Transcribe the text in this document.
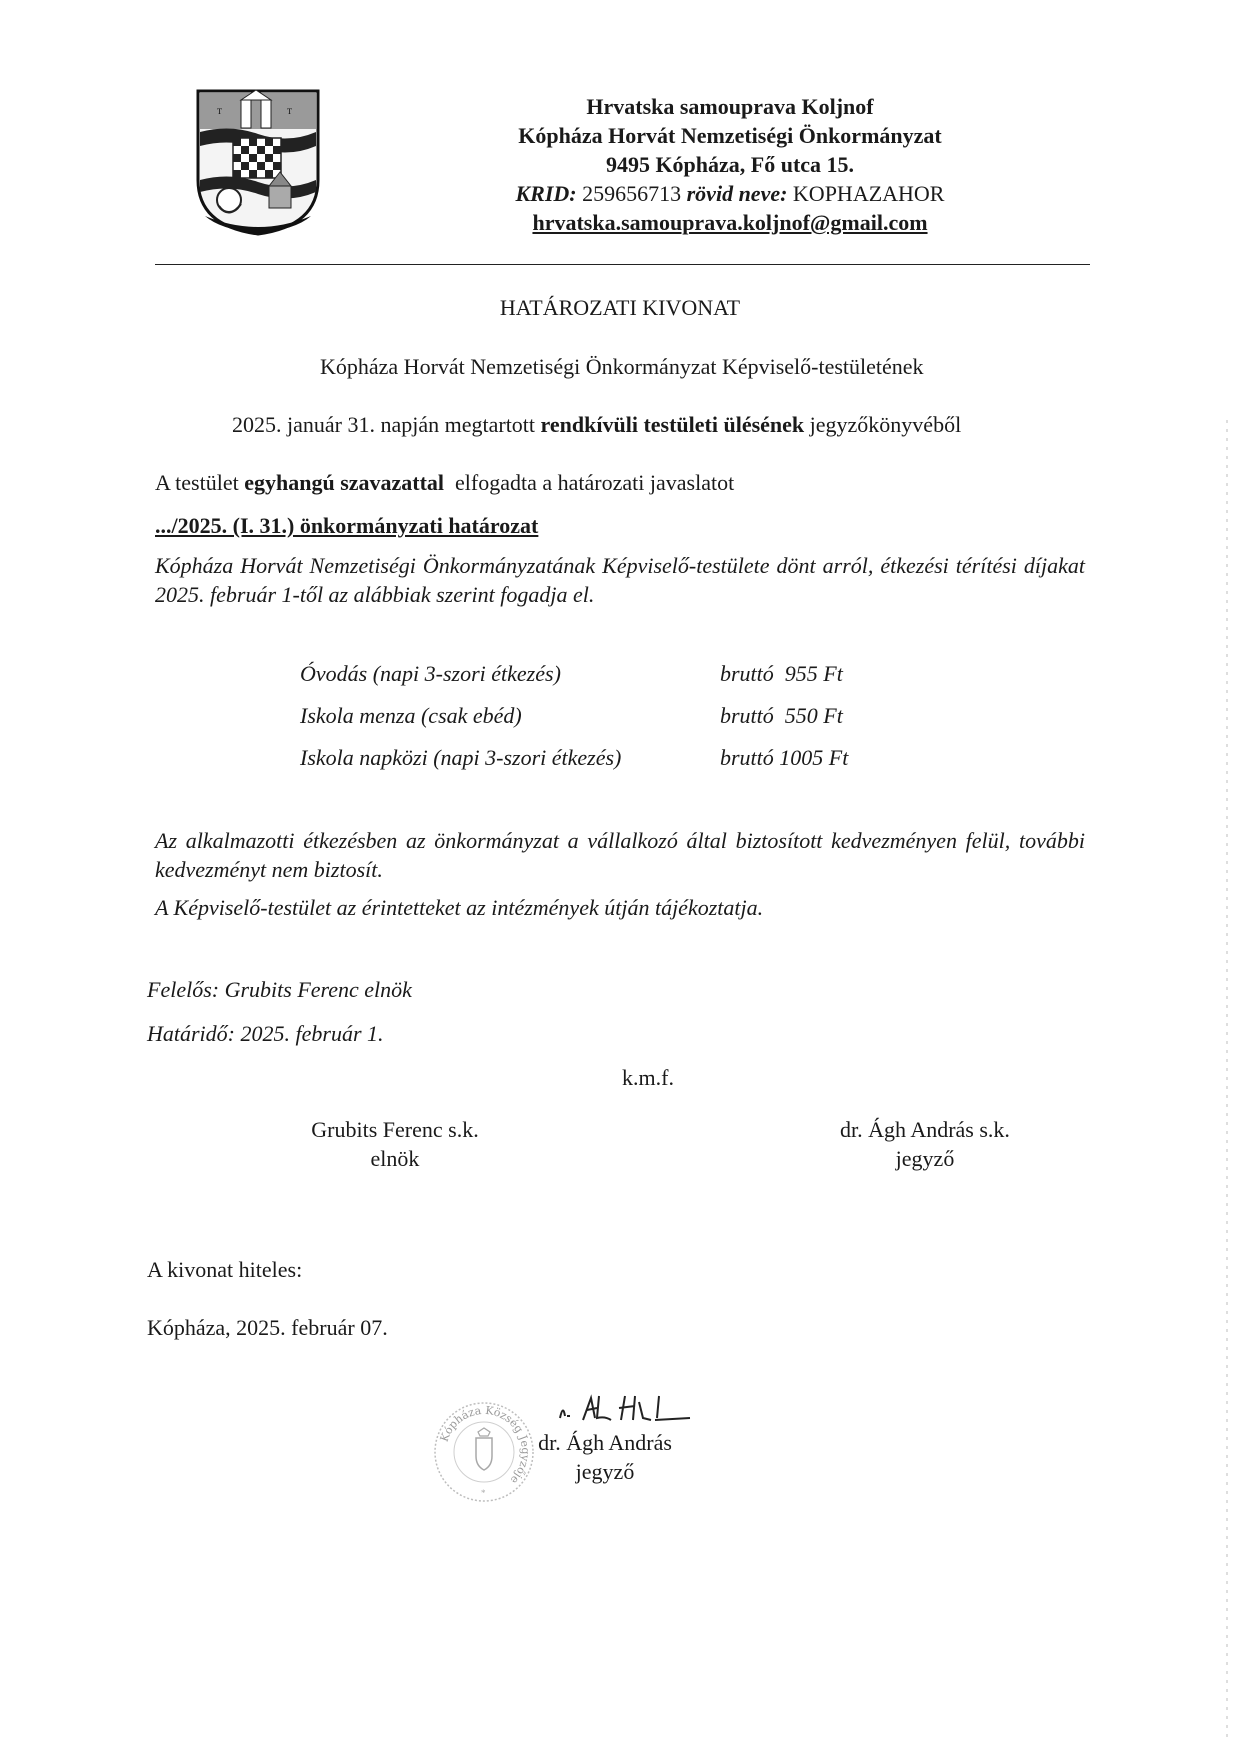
ᵀ	ᵀ	Hrvatska samouprava Koljnof
Kópháza Horvát Nemzetiségi Önkormányzat
9495 Kópháza, Fő utca 15.
KRID: 259656713 rövid neve: KOPHAZAHOR
hrvatska.samouprava.koljnof@gmail.com
HATÁROZATI KIVONAT
Kópháza Horvát Nemzetiségi Önkormányzat Képviselő-testületének
2025. január 31. napján megtartott rendkívüli testületi ülésének jegyzőkönyvéből
A testület egyhangú szavazattal  elfogadta a határozati javaslatot
.../2025. (I. 31.) önkormányzati határozat
Kópháza Horvát Nemzetiségi Önkormányzatának Képviselő-testülete dönt arról, étkezési térítési díjakat 2025. február 1-től az alábbiak szerint fogadja el.
Óvodás (napi 3-szori étkezés)	bruttó  955 Ft
Iskola menza (csak ebéd)	bruttó  550 Ft
Iskola napközi (napi 3-szori étkezés)	bruttó 1005 Ft
Az alkalmazotti étkezésben az önkormányzat a vállalkozó által biztosított kedvezményen felül, további kedvezményt nem biztosít.
A Képviselő-testület az érintetteket az intézmények útján tájékoztatja.
Felelős: Grubits Ferenc elnök
Határidő: 2025. február 1.
k.m.f.
Grubits Ferenc s.k.
elnök
dr. Ágh András s.k.
jegyző
A kivonat hiteles:
Kópháza, 2025. február 07.
Kópháza Község Jegyzője
*
dr. Ágh András
jegyző
